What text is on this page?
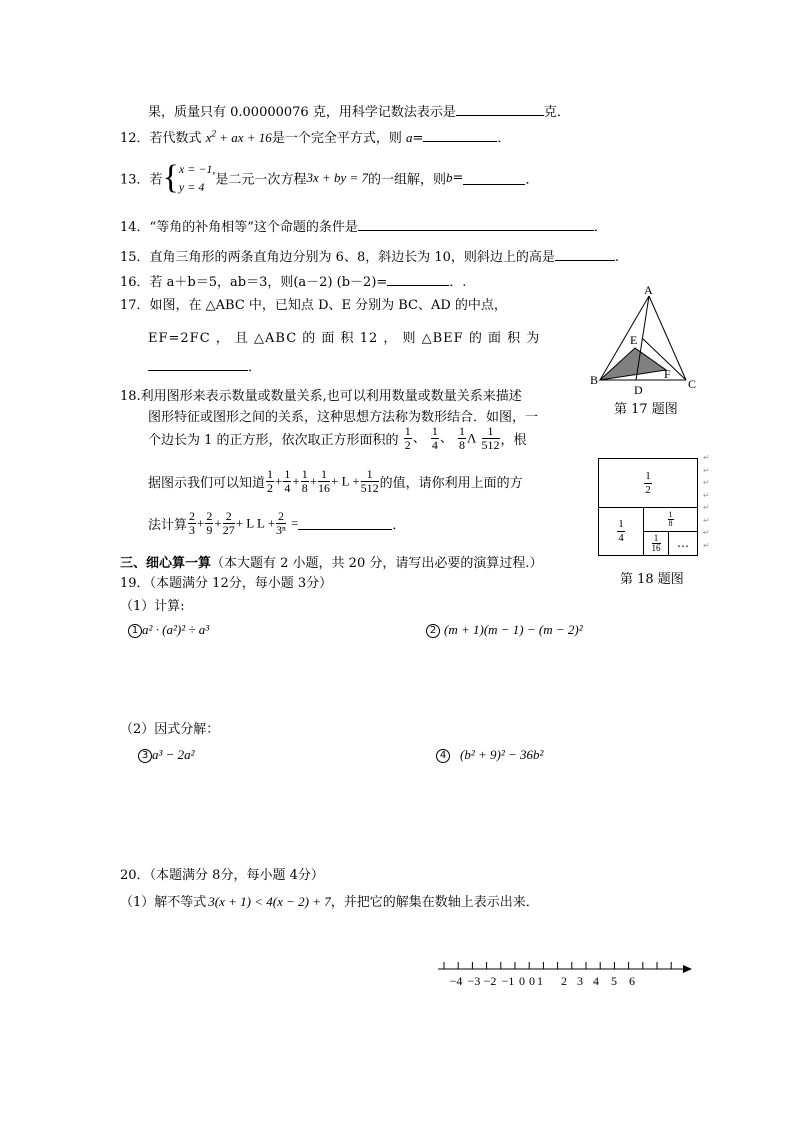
果，质量只有 0.00000076 克，用科学记数法表示是	克．
12．若代数式 $x^2$ + ax + 16是一个完全平方式，则 a=	．
13．若{ x = −1,
y = 4 是二元一次方程3x + by = 7的一组解，则b=	．
14．“等角的补角相等”这个命题的条件是	．
15．直角三角形的两条直角边分别为 6、8，斜边长为 10，则斜边上的高是	.
16．若 a＋b＝5，ab＝3，则(a－2) (b－2)=	．.
17．如图，在 △ABC 中，已知点 D、E 分别为 BC、AD 的中点，
EF=2FC ， 且 △ABC 的 面 积 12 ， 则 △BEF 的 面 积 为
．
A
B	C
D
E
F
第 17 题图
18.利用图形来表示数量或数量关系,也可以利用数量或数量关系来描述
图形特征或图形之间的关系，这种思想方法称为数形结合．如图，一
个边长为 1 的正方形，依次取正方形面积的 $\frac{1}{2}$ 、 $\frac{1}{4}$ 、 $\frac{1}{8}$ Λ $\frac{1}{512}$ ，根
据图示我们可以知道 $\frac{1}{2} + \frac{1}{4} + \frac{1}{8} + \frac{1}{16} + L + \frac{1}{512}$ 的值，请你利用上面的方
法计算 $\frac{2}{3} + \frac{2}{9} + \frac{2}{27} + L$ $L + \frac{2}{\text{3ⁿ}}$ =	．
$\frac{1}{2}$
$\frac{1}{4}$	$\frac{1}{8}$
$\frac{1}{16}$	…
↵
↵
↵
↵
↵
↵
↵
↵
第 18 题图
三、细心算一算（本大题有 2 小题，共 20 分，请写出必要的演算过程.）
19．（本题满分 12分，每小题 3分）
（1）计算:
1 a² · (a²)² ÷ a³	2 (m + 1)(m − 1) − (m − 2)²
（2）因式分解：
3 a³ − 2a²	4 (b² + 9)² − 36b²
20．（本题满分 8分，每小题 4分）
（1）解不等式 3(x + 1) < 4(x − 2) + 7，并把它的解集在数轴上表示出来．
−4 −3 −2 −1 0 0 1 2 3 4 5 6
